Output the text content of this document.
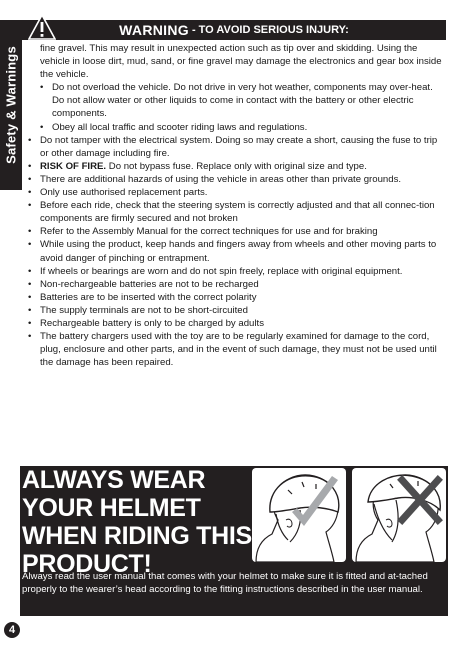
Safety & Warnings
WARNING - TO AVOID SERIOUS INJURY:

fine gravel. This may result in unexpected action such as tip over and skidding. Using the vehicle in loose dirt, mud, sand, or fine gravel may damage the electronics and gear box inside the vehicle.

• Do not overload the vehicle. Do not drive in very hot weather, components may over-heat. Do not allow water or other liquids to come in contact with the battery or other electric components.
• Obey all local traffic and scooter riding laws and regulations.
• Do not tamper with the electrical system. Doing so may create a short, causing the fuse to trip or other damage including fire.
• RISK OF FIRE. Do not bypass fuse. Replace only with original size and type.
• There are additional hazards of using the vehicle in areas other than private grounds.
• Only use authorised replacement parts.
• Before each ride, check that the steering system is correctly adjusted and that all connec-tion components are firmly secured and not broken
• Refer to the Assembly Manual for the correct techniques for use and for braking
• While using the product, keep hands and fingers away from wheels and other moving parts to avoid danger of pinching or entrapment.
• If wheels or bearings are worn and do not spin freely, replace with original equipment.
• Non-rechargeable batteries are not to be recharged
• Batteries are to be inserted with the correct polarity
• The supply terminals are not to be short-circuited
• Rechargeable battery is only to be charged by adults
• The battery chargers used with the toy are to be regularly examined for damage to the cord, plug, enclosure and other parts, and in the event of such damage, they must not be used until the damage has been repaired.
ALWAYS WEAR YOUR HELMET WHEN RIDING THIS PRODUCT!
Always read the user manual that comes with your helmet to make sure it is fitted and at-tached properly to the wearer’s head according to the fitting instructions described in the user manual.
4
